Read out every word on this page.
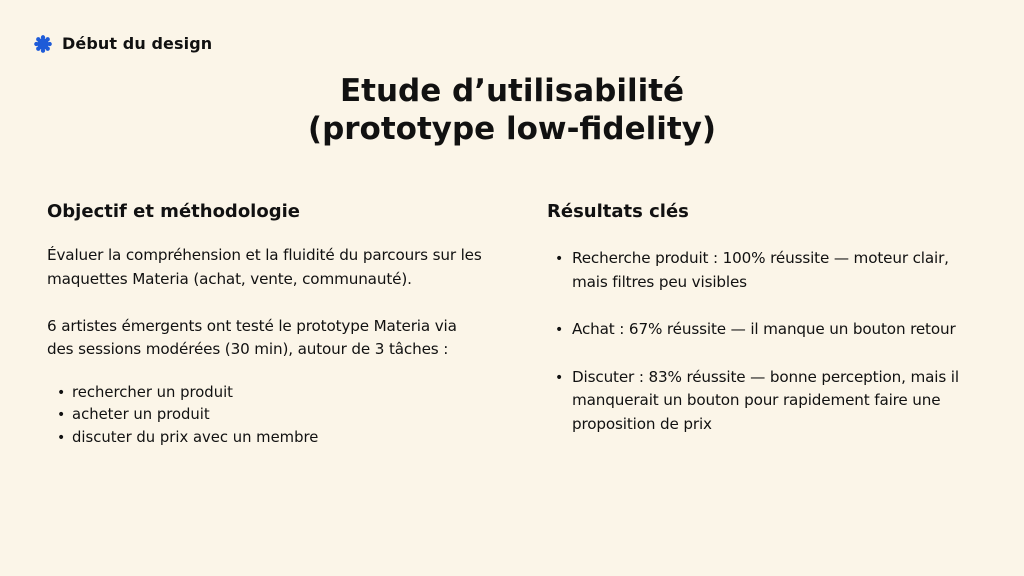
Début du design
Etude d’utilisabilité
(prototype low-fidelity)
Objectif et méthodologie

Évaluer la compréhension et la fluidité du parcours sur les maquettes Materia (achat, vente, communauté).

6 artistes émergents ont testé le prototype Materia via des sessions modérées (30 min), autour de 3 tâches :

• rechercher un produit
• acheter un produit
• discuter du prix avec un membre
Résultats clés
• Recherche produit : 100% réussite — moteur clair, mais filtres peu visibles
• Achat : 67% réussite — il manque un bouton retour
• Discuter : 83% réussite — bonne perception, mais il manquerait un bouton pour rapidement faire une proposition de prix
